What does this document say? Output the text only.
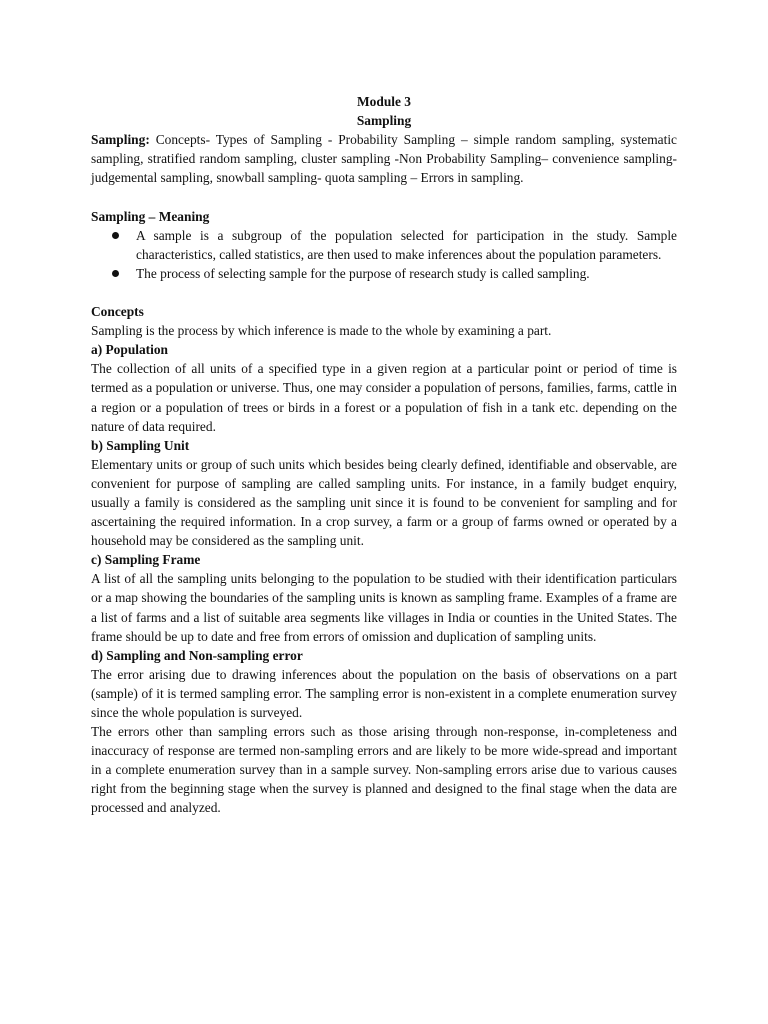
Module 3
Sampling

Sampling: Concepts- Types of Sampling - Probability Sampling – simple random sampling, systematic sampling, stratified random sampling, cluster sampling -Non Probability Sampling– convenience sampling- judgemental sampling, snowball sampling- quota sampling – Errors in sampling.

Sampling – Meaning
A sample is a subgroup of the population selected for participation in the study. Sample characteristics, called statistics, are then used to make inferences about the population parameters.
The process of selecting sample for the purpose of research study is called sampling.
Concepts

Sampling is the process by which inference is made to the whole by examining a part.

a) Population

The collection of all units of a specified type in a given region at a particular point or period of time is termed as a population or universe. Thus, one may consider a population of persons, families, farms, cattle in a region or a population of trees or birds in a forest or a population of fish in a tank etc. depending on the nature of data required.

b) Sampling Unit

Elementary units or group of such units which besides being clearly defined, identifiable and observable, are convenient for purpose of sampling are called sampling units. For instance, in a family budget enquiry, usually a family is considered as the sampling unit since it is found to be convenient for sampling and for ascertaining the required information. In a crop survey, a farm or a group of farms owned or operated by a household may be considered as the sampling unit.

c) Sampling Frame

A list of all the sampling units belonging to the population to be studied with their identification particulars or a map showing the boundaries of the sampling units is known as sampling frame. Examples of a frame are a list of farms and a list of suitable area segments like villages in India or counties in the United States. The frame should be up to date and free from errors of omission and duplication of sampling units.

d) Sampling and Non-sampling error

The error arising due to drawing inferences about the population on the basis of observations on a part (sample) of it is termed sampling error. The sampling error is non-existent in a complete enumeration survey since the whole population is surveyed.

The errors other than sampling errors such as those arising through non-response, in-completeness and inaccuracy of response are termed non-sampling errors and are likely to be more wide-spread and important in a complete enumeration survey than in a sample survey. Non-sampling errors arise due to various causes right from the beginning stage when the survey is planned and designed to the final stage when the data are processed and analyzed.
